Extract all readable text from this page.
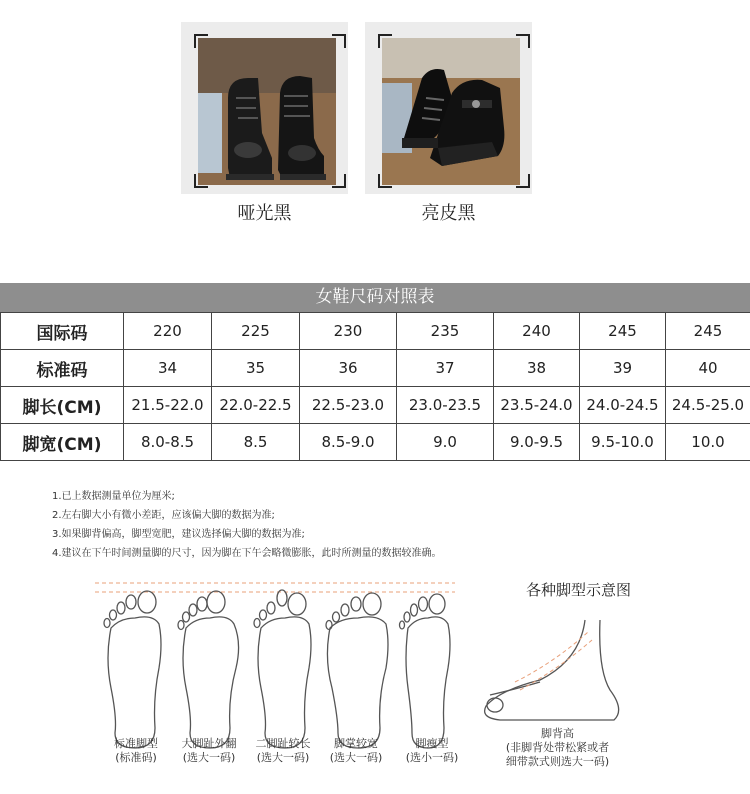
哑光黑	亮皮黑
女鞋尺码对照表
国际码	220	225	230	235	240	245	245
标准码	34	35	36	37	38	39	40
脚长(CM)	21.5-22.0	22.0-22.5	22.5-23.0	23.0-23.5	23.5-24.0	24.0-24.5	24.5-25.0
脚宽(CM)	8.0-8.5	8.5	8.5-9.0	9.0	9.0-9.5	9.5-10.0	10.0
1.已上数据测量单位为厘米;
2.左右脚大小有微小差距，应该偏大脚的数据为准;
3.如果脚背偏高，脚型宽肥，建议选择偏大脚的数据为准;
4.建议在下午时间测量脚的尺寸，因为脚在下午会略微膨胀，此时所测量的数据较准确。
标准脚型
(标准码)
大脚趾外翻
(选大一码)
二脚趾较长
(选大一码)
脚掌较宽
(选大一码)
脚瘦型
(选小一码)
各种脚型示意图
脚背高
(非脚背处带松紧或者
细带款式则选大一码)
